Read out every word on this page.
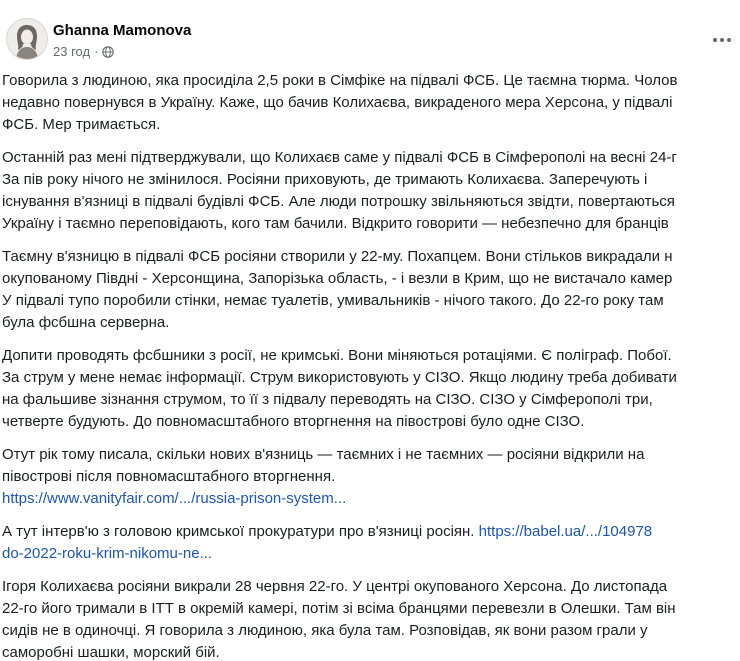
Ghanna Mamonova
23 год ·
Говорила з людиною, яка просиділа 2,5 роки в Сімфіке на підвалі ФСБ. Це таємна тюрма. Чолов
недавно повернувся в Україну. Каже, що бачив Колихаєва, викраденого мера Херсона, у підвалі
ФСБ. Мер тримається.
Останній раз мені підтверджували, що Колихаєв саме у підвалі ФСБ в Сімферополі на весні 24-г
За пів року нічого не змінилося. Росіяни приховують, де тримають Колихаєва. Заперечують і
існування в'язниці в підвалі будівлі ФСБ. Але люди потрошку звільняються звідти, повертаються
Україну і таємно переповідають, кого там бачили. Відкрито говорити — небезпечно для бранців
Таємну в'язницю в підвалі ФСБ росіяни створили у 22-му. Похапцем. Вони стільков викрадали н
окупованому Півдні - Херсонщина, Запорізька область, - і везли в Крим, що не вистачало камер
У підвалі тупо поробили стінки, немає туалетів, умивальників - нічого такого. До 22-го року там
була фсбшна серверна.
Допити проводять фсбшники з росії, не кримські. Вони міняються ротаціями. Є поліграф. Побої.
За струм у мене немає інформації. Струм використовують у СІЗО. Якщо людину треба добивати
на фальшиве зізнання струмом, то її з підвалу переводять на СІЗО. СІЗО у Сімферополі три,
четверте будують. До повномасштабного вторгнення на півострові було одне СІЗО.
Отут рік тому писала, скільки нових в'язниць — таємних і не таємних — росіяни відкрили на
півострові після повномасштабного вторгнення.
https://www.vanityfair.com/.../russia-prison-system...
А тут інтерв'ю з головою кримської прокуратури про в'язниці росіян. https://babel.ua/.../104978
do-2022-roku-krim-nikomu-ne...
Ігоря Колихаєва росіяни викрали 28 червня 22-го. У центрі окупованого Херсона. До листопада
22-го його тримали в ІТТ в окремій камері, потім зі всіма бранцями перевезли в Олешки. Там він
сидів не в одиночці. Я говорила з людиною, яка була там. Розповідав, як вони разом грали у
саморобні шашки, морский бій.
